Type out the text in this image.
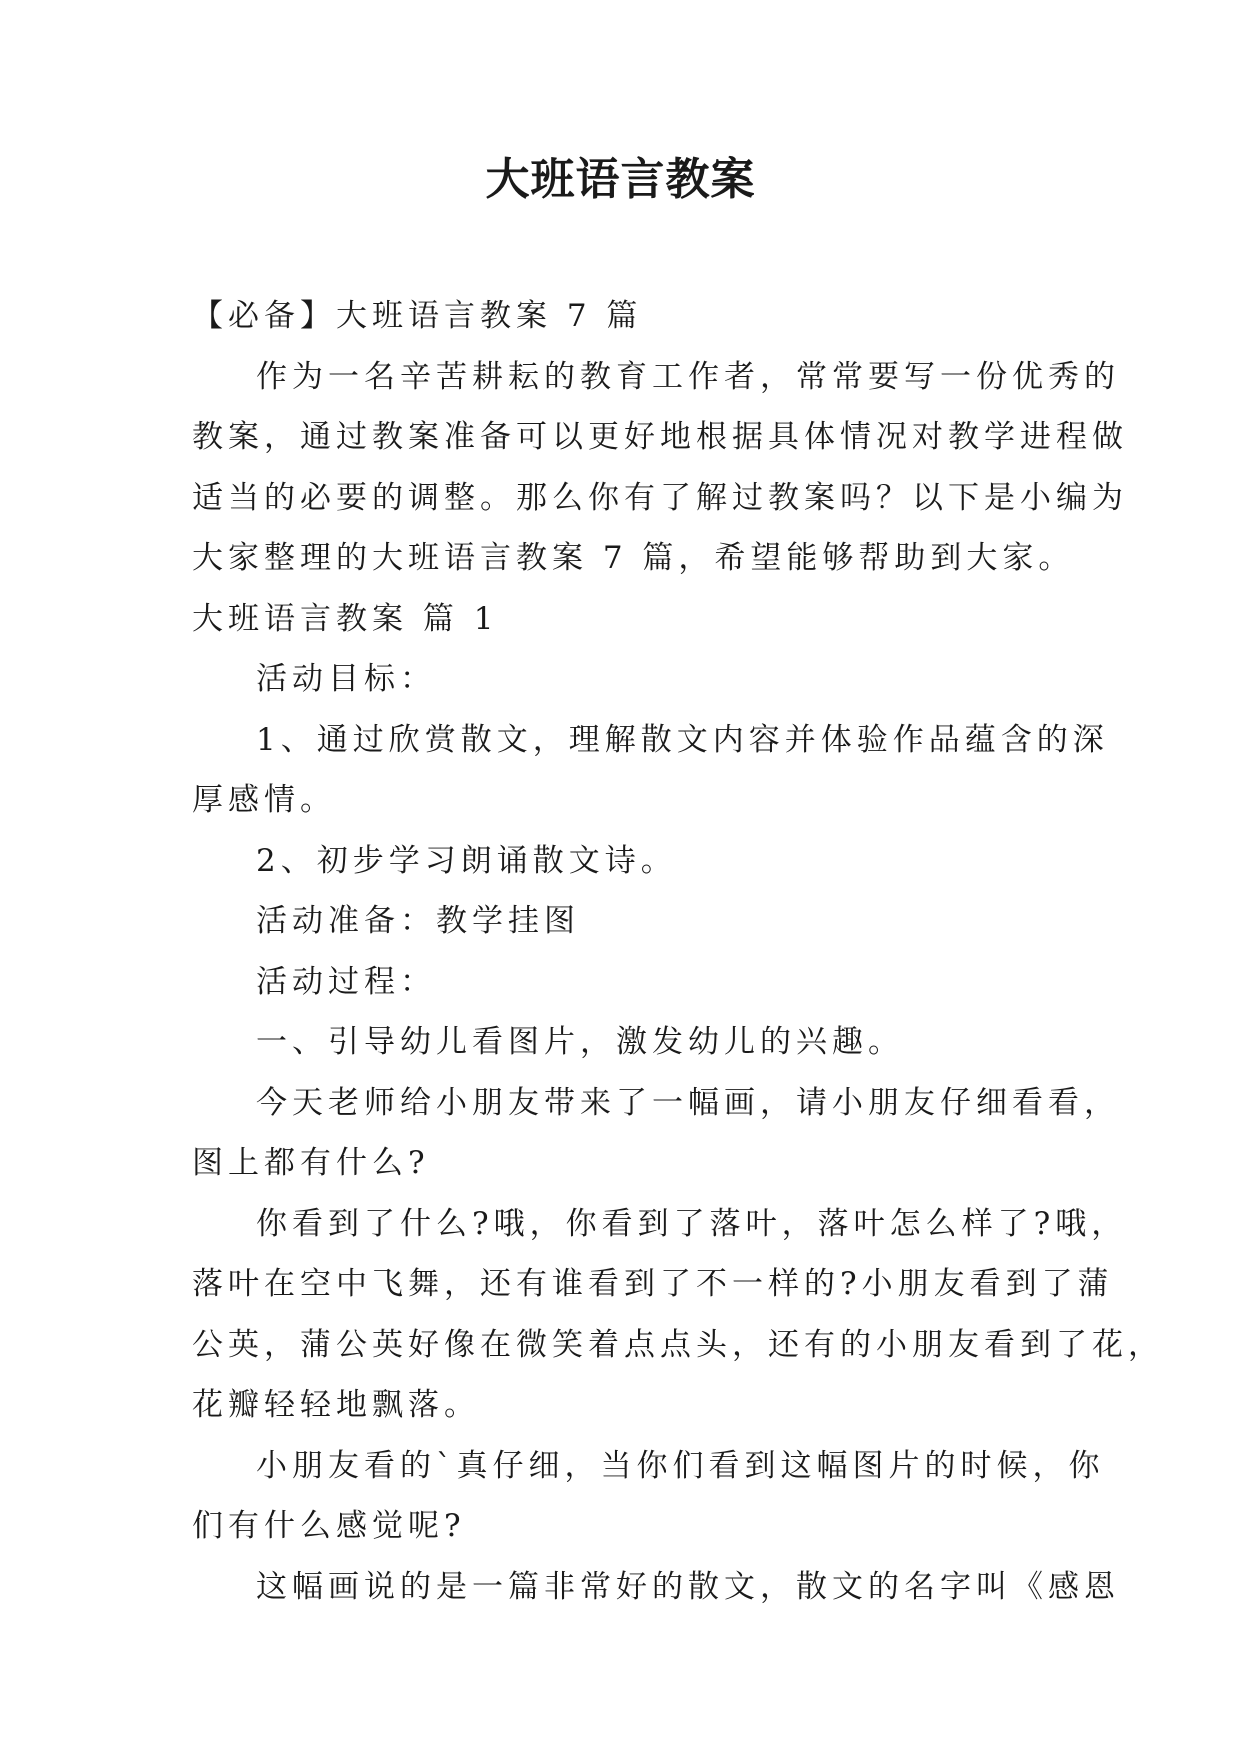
大班语言教案

【必备】大班语言教案 7 篇

作为一名辛苦耕耘的教育工作者，常常要写一份优秀的

教案，通过教案准备可以更好地根据具体情况对教学进程做

适当的必要的调整。那么你有了解过教案吗？以下是小编为

大家整理的大班语言教案 7 篇，希望能够帮助到大家。

大班语言教案 篇 1

活动目标：

1、通过欣赏散文，理解散文内容并体验作品蕴含的深

厚感情。

2、初步学习朗诵散文诗。

活动准备：教学挂图

活动过程：

一、引导幼儿看图片，激发幼儿的兴趣。

今天老师给小朋友带来了一幅画，请小朋友仔细看看，

图上都有什么?

你看到了什么?哦，你看到了落叶，落叶怎么样了?哦，

落叶在空中飞舞，还有谁看到了不一样的?小朋友看到了蒲

公英，蒲公英好像在微笑着点点头，还有的小朋友看到了花，

花瓣轻轻地飘落。

小朋友看的`真仔细，当你们看到这幅图片的时候，你

们有什么感觉呢?

这幅画说的是一篇非常好的散文，散文的名字叫《感恩
